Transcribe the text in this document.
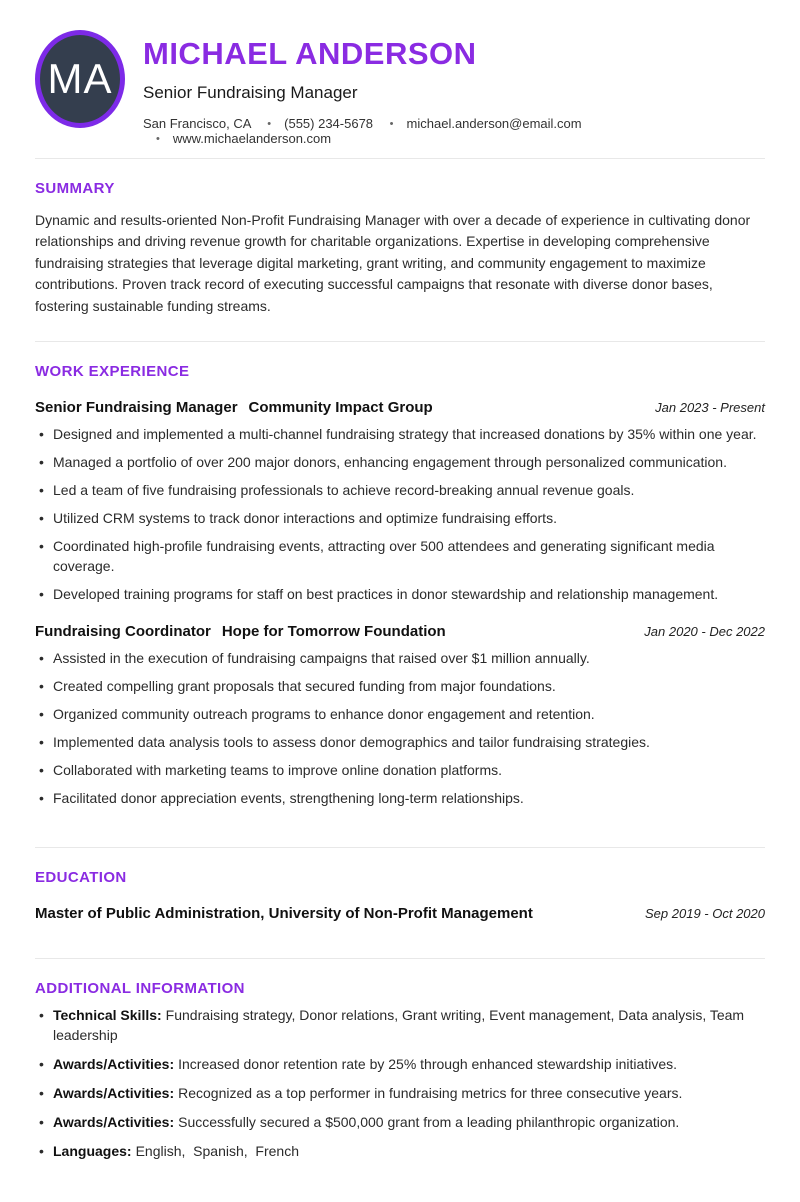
MA
MICHAEL ANDERSON
Senior Fundraising Manager
San Francisco, CA	• (555) 234-5678	• michael.anderson@email.com • www.michaelanderson.com
SUMMARY

Dynamic and results-oriented Non-Profit Fundraising Manager with over a decade of experience in cultivating donor relationships and driving revenue growth for charitable organizations. Expertise in developing comprehensive fundraising strategies that leverage digital marketing, grant writing, and community engagement to maximize contributions. Proven track record of executing successful campaigns that resonate with diverse donor bases, fostering sustainable funding streams.

WORK EXPERIENCE
Senior Fundraising Manager Community Impact Group	Jan 2023 - Present
• Designed and implemented a multi-channel fundraising strategy that increased donations by 35% within one year.
• Managed a portfolio of over 200 major donors, enhancing engagement through personalized communication.
• Led a team of five fundraising professionals to achieve record-breaking annual revenue goals.
• Utilized CRM systems to track donor interactions and optimize fundraising efforts.
• Coordinated high-profile fundraising events, attracting over 500 attendees and generating significant media coverage.
• Developed training programs for staff on best practices in donor stewardship and relationship management.
Fundraising Coordinator Hope for Tomorrow Foundation	Jan 2020 - Dec 2022
• Assisted in the execution of fundraising campaigns that raised over $1 million annually.
• Created compelling grant proposals that secured funding from major foundations.
• Organized community outreach programs to enhance donor engagement and retention.
• Implemented data analysis tools to assess donor demographics and tailor fundraising strategies.
• Collaborated with marketing teams to improve online donation platforms.
• Facilitated donor appreciation events, strengthening long-term relationships.
EDUCATION
Master of Public Administration, University of Non-Profit Management	Sep 2019 - Oct 2020
ADDITIONAL INFORMATION
• Technical Skills: Fundraising strategy, Donor relations, Grant writing, Event management, Data analysis, Team leadership
• Awards/Activities: Increased donor retention rate by 25% through enhanced stewardship initiatives.
• Awards/Activities: Recognized as a top performer in fundraising metrics for three consecutive years.
• Awards/Activities: Successfully secured a $500,000 grant from a leading philanthropic organization.
• Languages: English,  Spanish,  French
